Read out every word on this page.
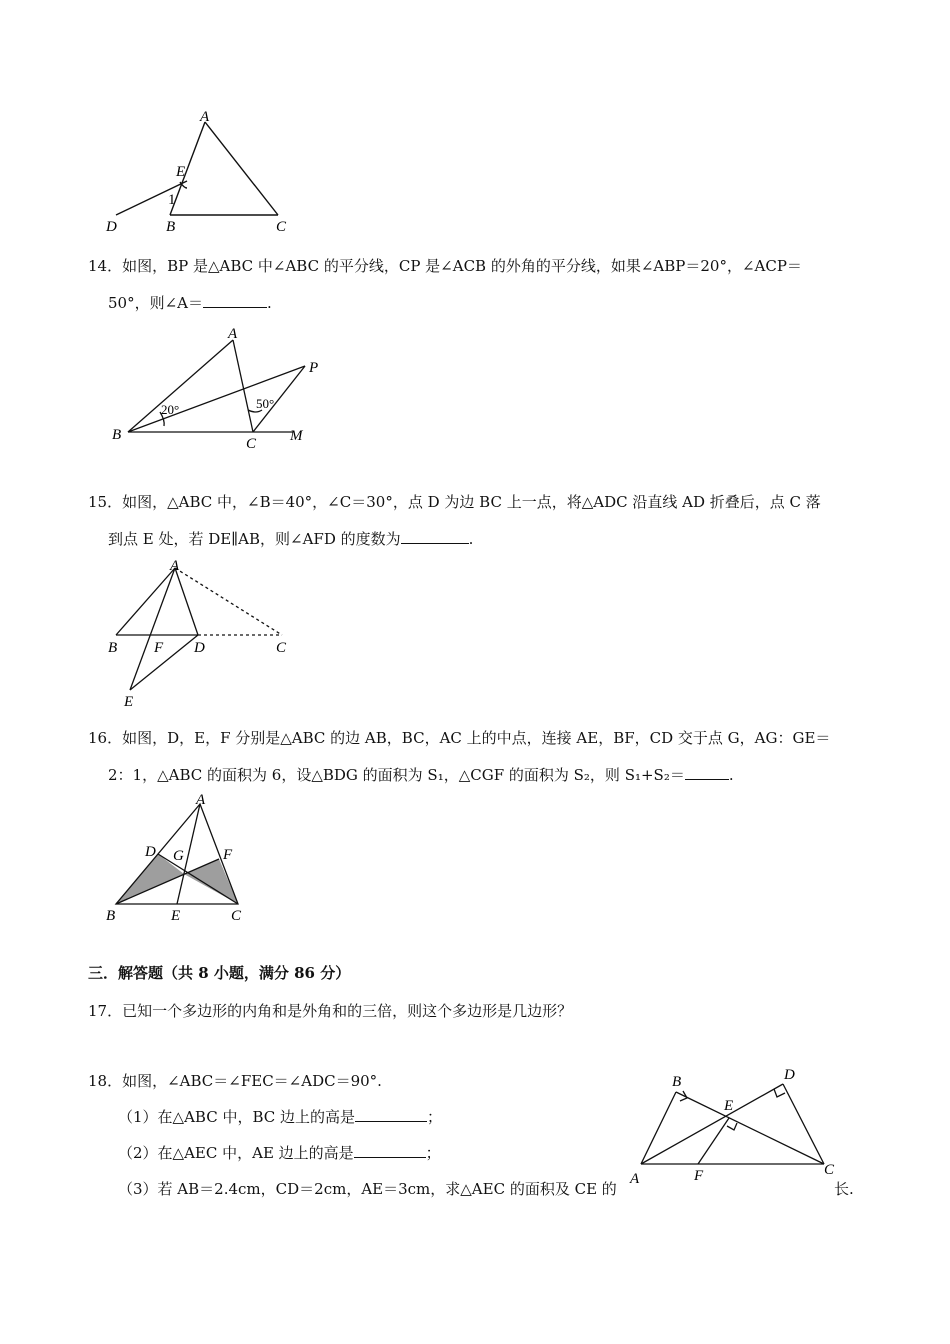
A
E
1
D	B	C
14．如图，BP 是△ABC 中∠ABC 的平分线，CP 是∠ACB 的外角的平分线，如果∠ABP＝20°，∠ACP＝
50°，则∠A＝	.
A
P
B
C M
20°	50°
15．如图，△ABC 中，∠B＝40°，∠C＝30°，点 D 为边 BC 上一点，将△ADC 沿直线 AD 折叠后，点 C 落
到点 E 处，若 DE∥AB，则∠AFD 的度数为	.
A
B F D	C
E
16．如图，D，E，F 分别是△ABC 的边 AB，BC，AC 上的中点，连接 AE，BF，CD 交于点 G，AG：GE＝
2：1，△ABC 的面积为 6，设△BDG 的面积为 S₁，△CGF 的面积为 S₂，则 S₁+S₂＝	.
A
D G	F
B	E	C
三．解答题（共 8 小题，满分 86 分）
17．已知一个多边形的内角和是外角和的三倍，则这个多边形是几边形？
18．如图，∠ABC＝∠FEC＝∠ADC＝90°.
（1）在△ABC 中，BC 边上的高是	；
（2）在△AEC 中，AE 边上的高是	；
（3）若 AB＝2.4cm，CD＝2cm，AE＝3cm，求△AEC 的面积及 CE 的	长.
B	D
E
A	F	C
